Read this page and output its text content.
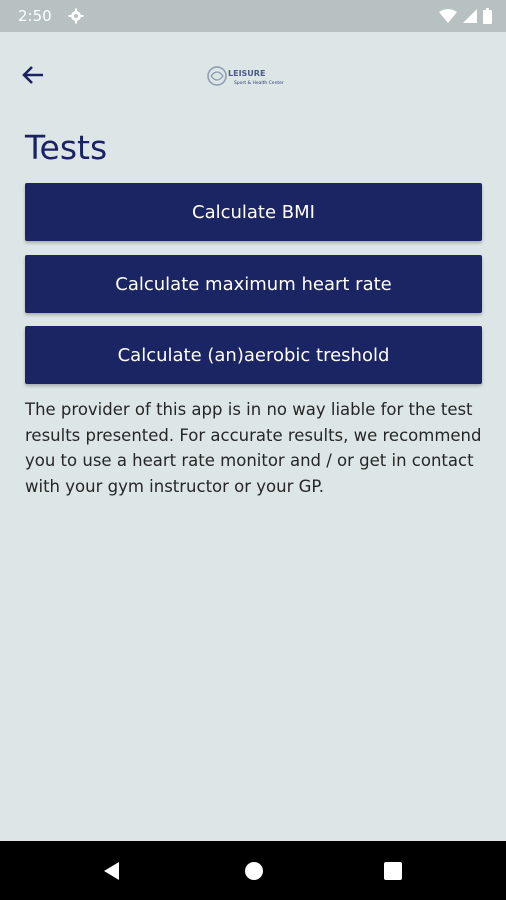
2:50
LEISURE
Sport & Health Center
Tests
Calculate BMI
Calculate maximum heart rate
Calculate (an)aerobic treshold

The provider of this app is in no way liable for the test results presented. For accurate results, we recommend you to use a heart rate monitor and / or get in contact with your gym instructor or your GP.
